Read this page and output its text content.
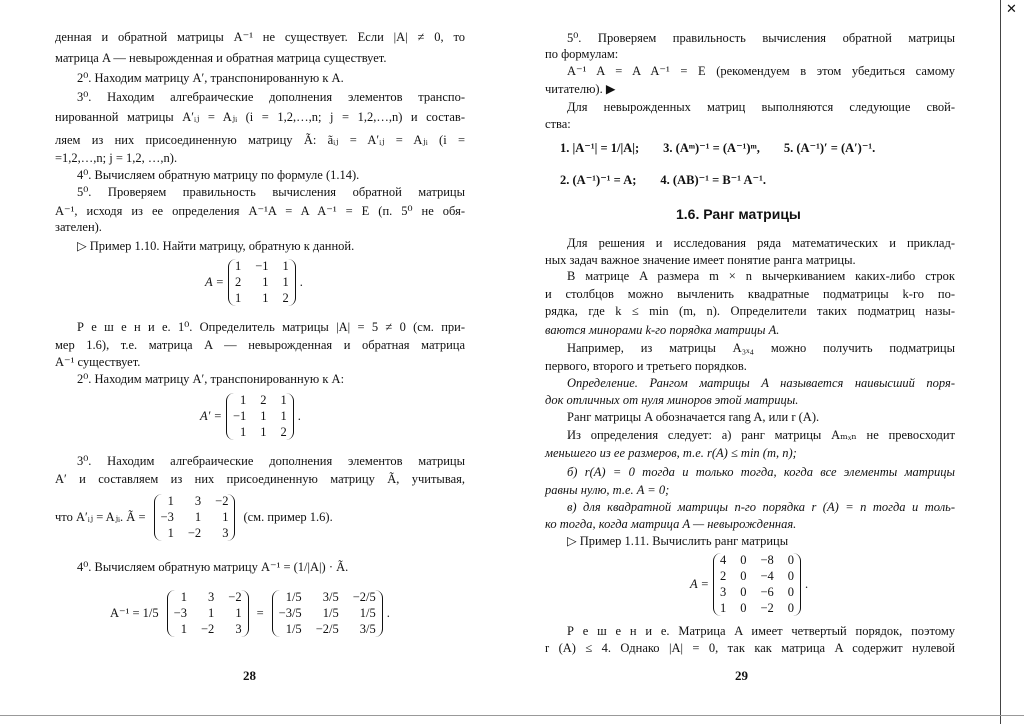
✕
денная и обратной матрицы A⁻¹ не существует. Если |A| ≠ 0, то
матрица A — невырожденная и обратная матрица существует.
2⁰. Находим матрицу A′, транспонированную к A.
3⁰. Находим алгебраические дополнения элементов транспо-
нированной матрицы A′ᵢⱼ = Aⱼᵢ (i = 1,2,…,n; j = 1,2,…,n) и состав-
ляем из них присоединенную матрицу Ã: ãᵢⱼ = A′ᵢⱼ = Aⱼᵢ (i =
=1,2,…,n; j = 1,2, …,n).
4⁰. Вычисляем обратную матрицу по формуле (1.14).
5⁰. Проверяем правильность вычисления обратной матрицы
A⁻¹, исходя из ее определения A⁻¹A = A A⁻¹ = E (п. 5⁰ не обя-
зателен).
▷ Пример 1.10. Найти матрицу, обратную к данной.
A =
1 −1 1
2	1 1
1	1 2
.
Р е ш е н и е. 1⁰. Определитель матрицы |A| = 5 ≠ 0 (см. при-
мер 1.6), т.е. матрица A — невырожденная и обратная матрица
A⁻¹ существует.
2⁰. Находим матрицу A′, транспонированную к A:
A′ =
1 2 1
−1 1 1
1 1 2
.
3⁰. Находим алгебраические дополнения элементов матрицы
A′ и составляем из них присоединенную матрицу Ã, учитывая,
что A′ᵢⱼ = Aⱼᵢ. Ã =
1	3 −2
−3	1	1
1 −2	3
(см. пример 1.6).
4⁰. Вычисляем обратную матрицу A⁻¹ = (1/|A|) · Ã.
A⁻¹ = 1/5
1	3 −2
−3	1	1
1 −2	3
=
1/5	3/5 −2/5
−3/5	1/5	1/5
1/5 −2/5	3/5
.
28
5⁰. Проверяем правильность вычисления обратной матрицы
по формулам:
A⁻¹ A = A A⁻¹ = E (рекомендуем в этом убедиться самому
читателю). ▶
Для невырожденных матриц выполняются следующие свой-
ства:
1. |A⁻¹| = 1/|A|; 3. (Aᵐ)⁻¹ = (A⁻¹)ᵐ, 5. (A⁻¹)′ = (A′)⁻¹.
2. (A⁻¹)⁻¹ = A; 4. (AB)⁻¹ = B⁻¹ A⁻¹.
1.6. Ранг матрицы
Для решения и исследования ряда математических и приклад-
ных задач важное значение имеет понятие ранга матрицы.
В матрице A размера m × n вычеркиванием каких-либо строк
и столбцов можно вычленить квадратные подматрицы k-го по-
рядка, где k ≤ min (m, n). Определители таких подматриц назы-
ваются минорами k-го порядка матрицы A.
Например, из матрицы A₃ₓ₄ можно получить подматрицы
первого, второго и третьего порядков.
Определение. Рангом матрицы A называется наивысший поря-
док отличных от нуля миноров этой матрицы.
Ранг матрицы A обозначается rang A, или r (A).
Из определения следует: а) ранг матрицы Aₘₓₙ не превосходит
меньшего из ее размеров, т.е. r(A) ≤ min (m, n);
б) r(A) = 0 тогда и только тогда, когда все элементы матрицы
равны нулю, т.е. A = 0;
в) для квадратной матрицы n-го порядка r (A) = n тогда и толь-
ко тогда, когда матрица A — невырожденная.
▷ Пример 1.11. Вычислить ранг матрицы
A =
4 0 −8 0
2 0 −4 0
3 0 −6 0
1 0 −2 0
.
Р е ш е н и е. Матрица A имеет четвертый порядок, поэтому
r (A) ≤ 4. Однако |A| = 0, так как матрица A содержит нулевой
29
